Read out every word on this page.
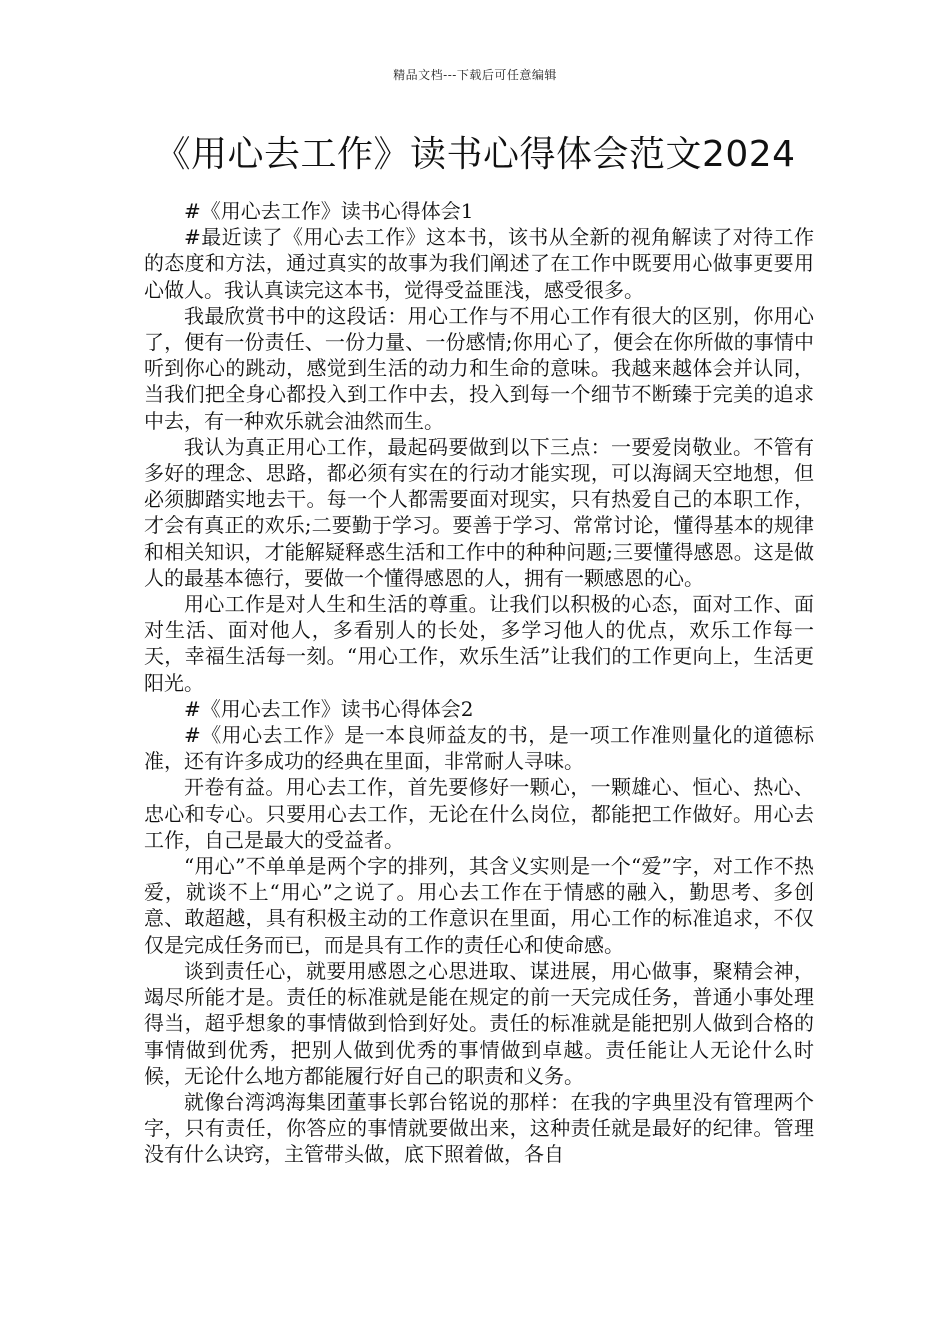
精品文档---下载后可任意编辑
《用心去工作》读书心得体会范文2024

#《用心去工作》读书心得体会1

#最近读了《用心去工作》这本书，该书从全新的视角解读了对待工作的态度和方法，通过真实的故事为我们阐述了在工作中既要用心做事更要用心做人。我认真读完这本书，觉得受益匪浅，感受很多。

我最欣赏书中的这段话：用心工作与不用心工作有很大的区别，你用心了，便有一份责任、一份力量、一份感情;你用心了，便会在你所做的事情中听到你心的跳动，感觉到生活的动力和生命的意味。我越来越体会并认同，当我们把全身心都投入到工作中去，投入到每一个细节不断臻于完美的追求中去，有一种欢乐就会油然而生。

我认为真正用心工作，最起码要做到以下三点：一要爱岗敬业。不管有多好的理念、思路，都必须有实在的行动才能实现，可以海阔天空地想，但必须脚踏实地去干。每一个人都需要面对现实，只有热爱自己的本职工作，才会有真正的欢乐;二要勤于学习。要善于学习、常常讨论，懂得基本的规律和相关知识，才能解疑释惑生活和工作中的种种问题;三要懂得感恩。这是做人的最基本德行，要做一个懂得感恩的人，拥有一颗感恩的心。

用心工作是对人生和生活的尊重。让我们以积极的心态，面对工作、面对生活、面对他人，多看别人的长处，多学习他人的优点，欢乐工作每一天，幸福生活每一刻。“用心工作，欢乐生活”让我们的工作更向上，生活更阳光。

#《用心去工作》读书心得体会2

#《用心去工作》是一本良师益友的书，是一项工作准则量化的道德标准，还有许多成功的经典在里面，非常耐人寻味。

开卷有益。用心去工作，首先要修好一颗心，一颗雄心、恒心、热心、忠心和专心。只要用心去工作，无论在什么岗位，都能把工作做好。用心去工作，自己是最大的受益者。

“用心”不单单是两个字的排列，其含义实则是一个“爱”字，对工作不热爱，就谈不上“用心”之说了。用心去工作在于情感的融入，勤思考、多创意、敢超越，具有积极主动的工作意识在里面，用心工作的标准追求，不仅仅是完成任务而已，而是具有工作的责任心和使命感。

谈到责任心，就要用感恩之心思进取、谋进展，用心做事，聚精会神，竭尽所能才是。责任的标准就是能在规定的前一天完成任务，普通小事处理得当，超乎想象的事情做到恰到好处。责任的标准就是能把别人做到合格的事情做到优秀，把别人做到优秀的事情做到卓越。责任能让人无论什么时候，无论什么地方都能履行好自己的职责和义务。

就像台湾鸿海集团董事长郭台铭说的那样：在我的字典里没有管理两个字，只有责任，你答应的事情就要做出来，这种责任就是最好的纪律。管理没有什么诀窍，主管带头做，底下照着做，各自
